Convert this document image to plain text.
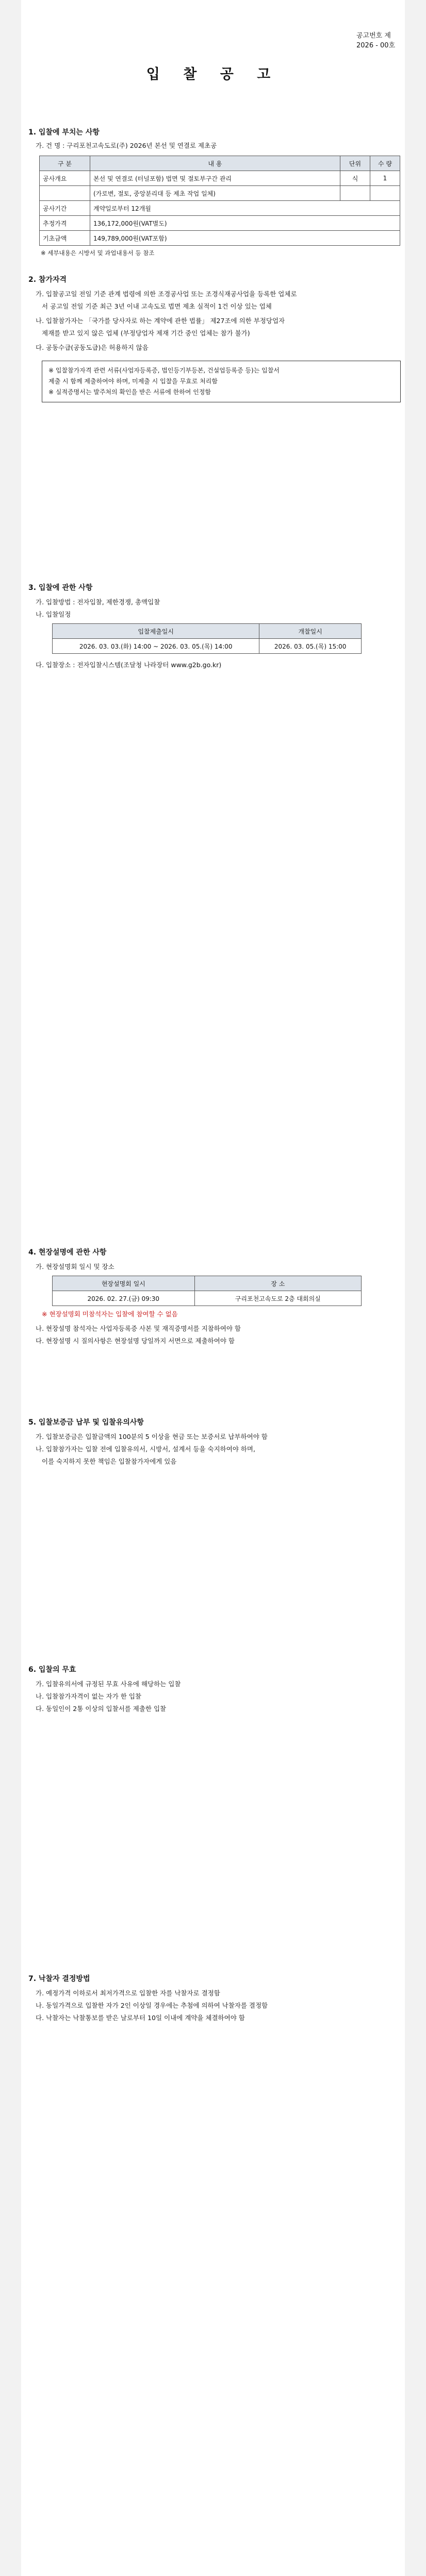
공고번호 제2026 - 00호
입 찰 공 고
1. 입찰에 부치는 사항
가. 건 명 : 구리포천고속도로(주) 2026년 본선 및 연결로 제초공
구 분	내 용	단위	수 량
공사개요	본선 및 연결로 (터널포함) 법면 및 절토부구간 관리	식	1
	(가로변, 절토, 중앙분리대 등 제초 작업 일체)		
공사기간	계약일로부터 12개월		
추정가격	136,172,000원(VAT별도)		
기초금액	149,789,000원(VAT포함)		
※ 세부내용은 시방서 및 과업내용서 등 참조
2. 참가자격
가. 입찰공고일 전일 기준 관계 법령에 의한 조경공사업 또는 조경식재공사업을 등록한 업체로
서 공고일 전일 기준 최근 3년 이내 고속도로 법면 제초 실적이 1건 이상 있는 업체
나. 입찰참가자는 「국가를 당사자로 하는 계약에 관한 법률」 제27조에 의한 부정당업자
제재를 받고 있지 않은 업체 (부정당업자 제재 기간 중인 업체는 참가 불가)
다. 공동수급(공동도급)은 허용하지 않음
※ 입찰참가자격 관련 서류(사업자등록증, 법인등기부등본, 건설업등록증 등)는 입찰서
제출 시 함께 제출하여야 하며, 미제출 시 입찰을 무효로 처리함
※ 실적증명서는 발주처의 확인을 받은 서류에 한하여 인정함
3. 입찰에 관한 사항
가. 입찰방법 : 전자입찰, 제한경쟁, 총액입찰
나. 입찰일정
입찰제출일시	개찰일시
2026. 03. 03.(화) 14:00 ~ 2026. 03. 05.(목) 14:00	2026. 03. 05.(목) 15:00
다. 입찰장소 : 전자입찰시스템(조달청 나라장터 www.g2b.go.kr)
4. 현장설명에 관한 사항
가. 현장설명회 일시 및 장소
현장설명회 일시	장 소
2026. 02. 27.(금) 09:30	구리포천고속도로 2층 대회의실
※ 현장설명회 미참석자는 입찰에 참여할 수 없음
나. 현장설명 참석자는 사업자등록증 사본 및 재직증명서를 지참하여야 함
다. 현장설명 시 질의사항은 현장설명 당일까지 서면으로 제출하여야 함
5. 입찰보증금 납부 및 입찰유의사항
가. 입찰보증금은 입찰금액의 100분의 5 이상을 현금 또는 보증서로 납부하여야 함
나. 입찰참가자는 입찰 전에 입찰유의서, 시방서, 설계서 등을 숙지하여야 하며,
이를 숙지하지 못한 책임은 입찰참가자에게 있음
6. 입찰의 무효
가. 입찰유의서에 규정된 무효 사유에 해당하는 입찰
나. 입찰참가자격이 없는 자가 한 입찰
다. 동일인이 2통 이상의 입찰서를 제출한 입찰
7. 낙찰자 결정방법
가. 예정가격 이하로서 최저가격으로 입찰한 자를 낙찰자로 결정함
나. 동일가격으로 입찰한 자가 2인 이상일 경우에는 추첨에 의하여 낙찰자를 결정함
다. 낙찰자는 낙찰통보를 받은 날로부터 10일 이내에 계약을 체결하여야 함
